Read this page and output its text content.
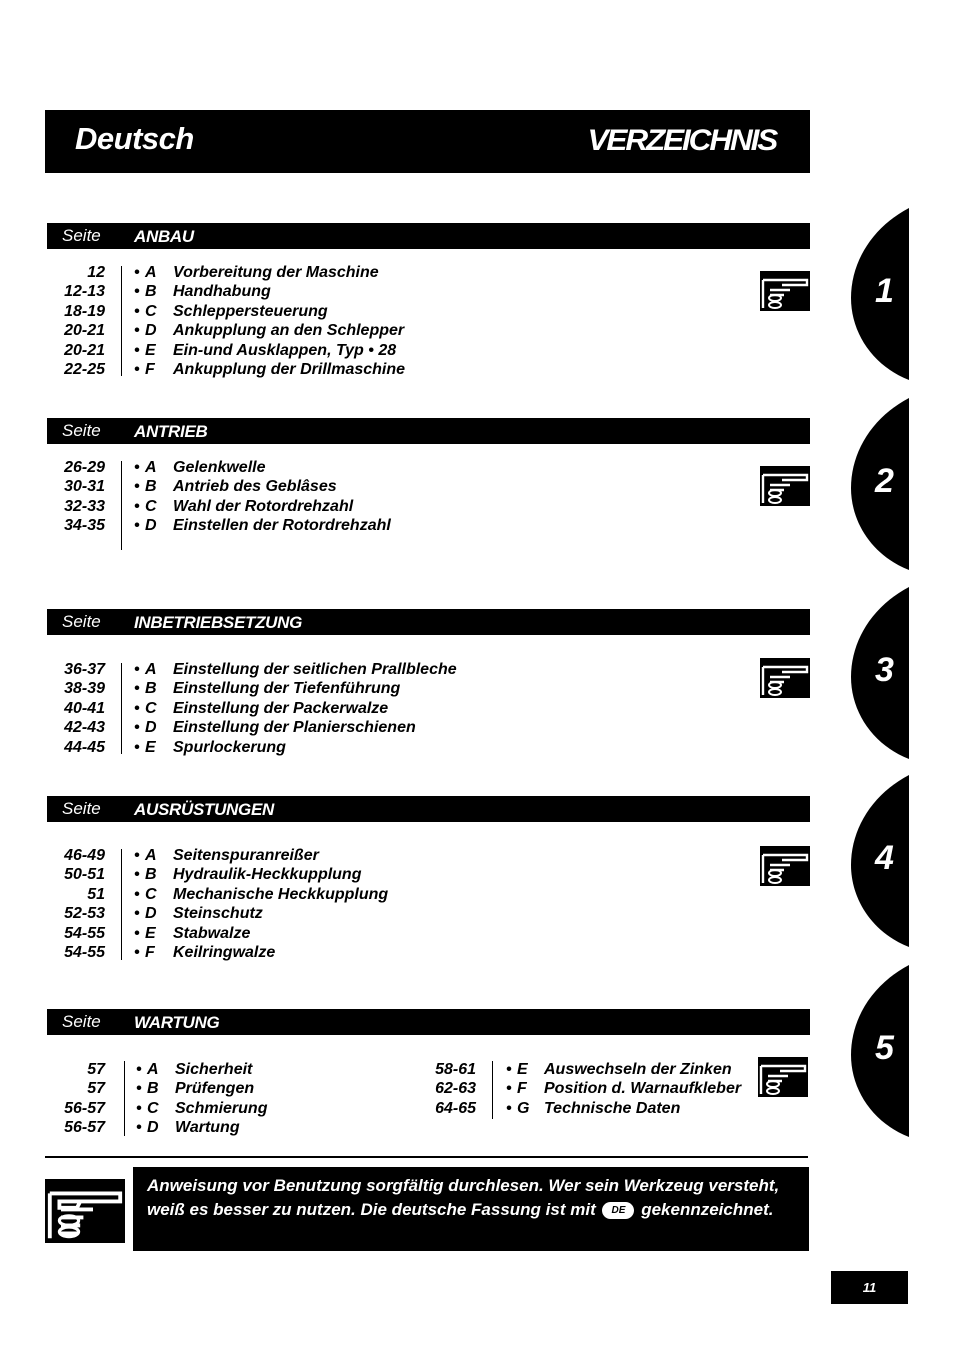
Deutsch	VERZEICHNIS
Seite ANBAU
12 • A Vorbereitung der Maschine
12-13 • B Handhabung
18-19 • C Schleppersteuerung
20-21 • D Ankupplung an den Schlepper
20-21 • E Ein-und Ausklappen, Typ • 28
22-25 • F Ankupplung der Drillmaschine
1
Seite ANTRIEB
26-29 • A Gelenkwelle
30-31 • B Antrieb des Geblâses
32-33 • C Wahl der Rotordrehzahl
34-35 • D Einstellen der Rotordrehzahl
2
Seite INBETRIEBSETZUNG
36-37 • A Einstellung der seitlichen Prallbleche
38-39 • B Einstellung der Tiefenführung
40-41 • C Einstellung der Packerwalze
42-43 • D Einstellung der Planierschienen
44-45 • E Spurlockerung
3
Seite AUSRÜSTUNGEN
46-49 • A Seitenspuranreißer
50-51 • B Hydraulik-Heckkupplung
51 • C Mechanische Heckkupplung
52-53 • D Steinschutz
54-55 • E Stabwalze
54-55 • F Keilringwalze
4
Seite WARTUNG
57 • A Sicherheit
57 • B Prüfengen
56-57 • C Schmierung
56-57 • D Wartung
58-61 • E Auswechseln der Zinken
62-63 • F Position d. Warnaufkleber
64-65 • G Technische Daten
5
Anweisung vor Benutzung sorgfältig durchlesen. Wer sein Werkzeug versteht, weiß es besser zu nutzen. Die deutsche Fassung ist mit DE gekennzeichnet.
11
